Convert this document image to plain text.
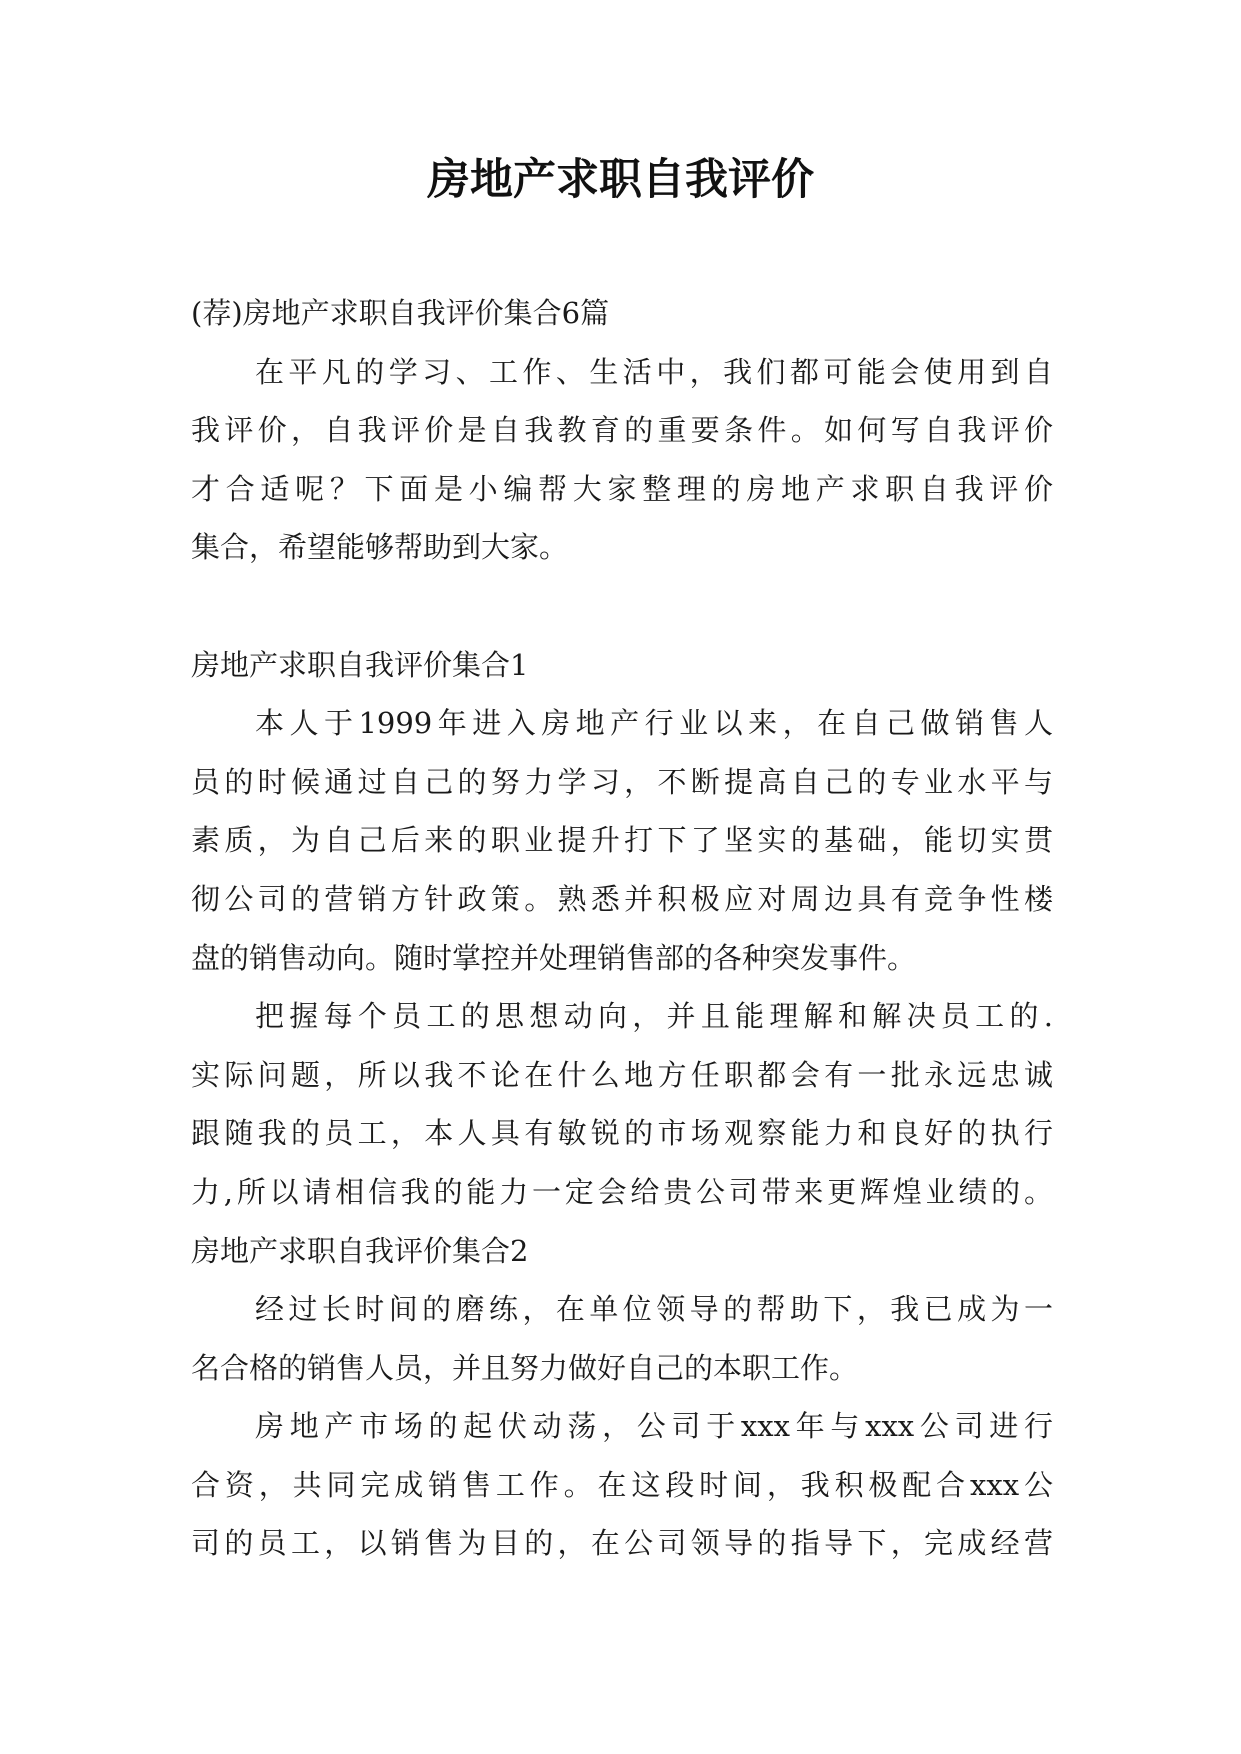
房地产求职自我评价

(荐)房地产求职自我评价集合6篇

在平凡的学习、工作、生活中，我们都可能会使用到自

我评价，自我评价是自我教育的重要条件。如何写自我评价

才合适呢？下面是小编帮大家整理的房地产求职自我评价

集合，希望能够帮助到大家。

房地产求职自我评价集合1

本人于1999年进入房地产行业以来，在自己做销售人

员的时候通过自己的努力学习，不断提高自己的专业水平与

素质，为自己后来的职业提升打下了坚实的基础，能切实贯

彻公司的营销方针政策。熟悉并积极应对周边具有竞争性楼

盘的销售动向。随时掌控并处理销售部的各种突发事件。

把握每个员工的思想动向，并且能理解和解决员工的.

实际问题，所以我不论在什么地方任职都会有一批永远忠诚

跟随我的员工，本人具有敏锐的市场观察能力和良好的执行

力,所以请相信我的能力一定会给贵公司带来更辉煌业绩的。

房地产求职自我评价集合2

经过长时间的磨练，在单位领导的帮助下，我已成为一

名合格的销售人员，并且努力做好自己的本职工作。

房地产市场的起伏动荡，公司于xxx年与xxx公司进行

合资，共同完成销售工作。在这段时间，我积极配合xxx公

司的员工，以销售为目的，在公司领导的指导下，完成经营
